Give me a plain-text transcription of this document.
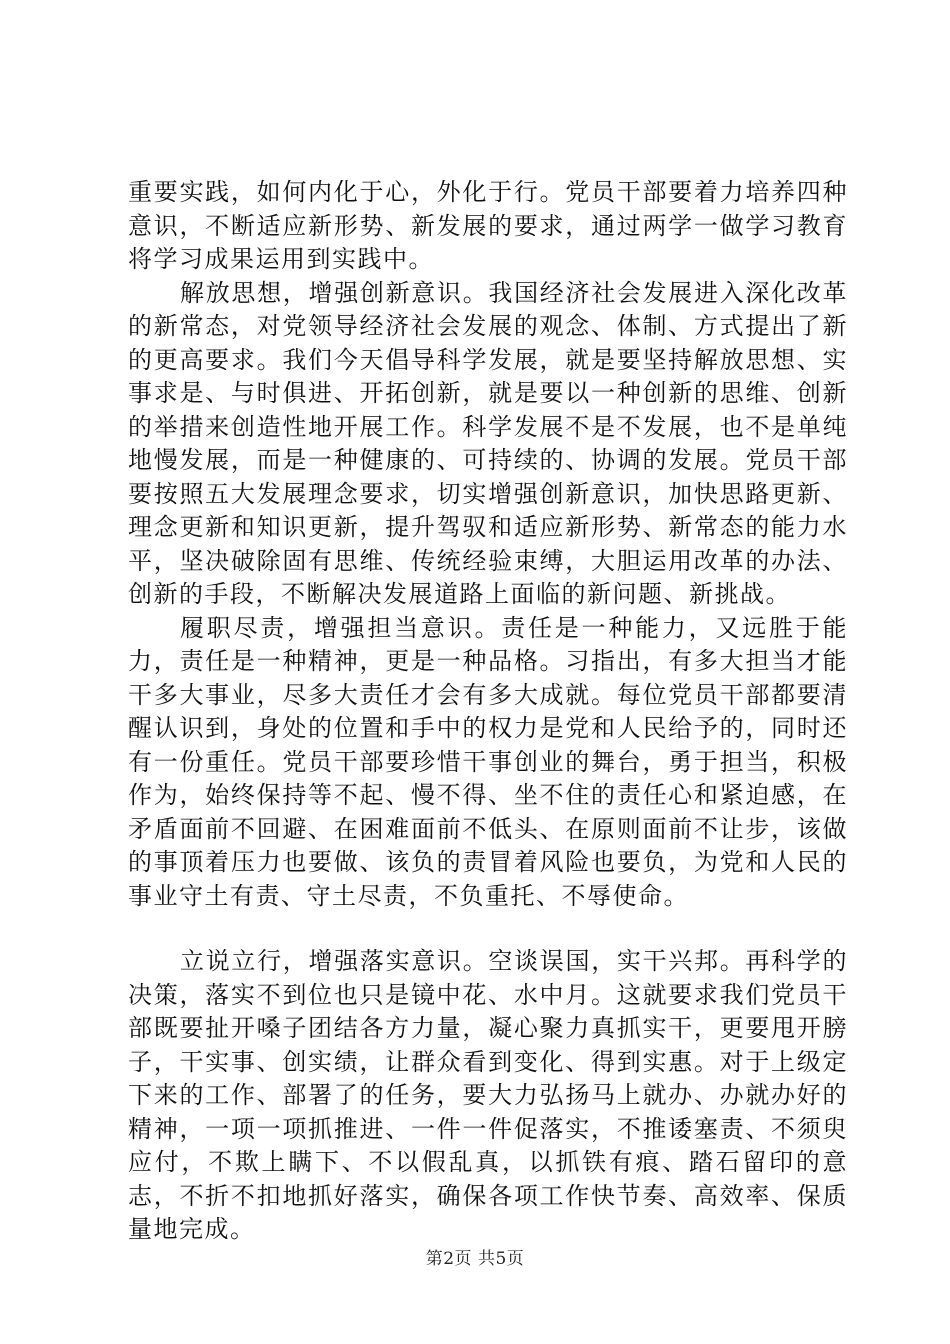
重要实践，如何内化于心，外化于行。党员干部要着力培养四种意识，不断适应新形势、新发展的要求，通过两学一做学习教育将学习成果运用到实践中。

解放思想，增强创新意识。我国经济社会发展进入深化改革的新常态，对党领导经济社会发展的观念、体制、方式提出了新的更高要求。我们今天倡导科学发展，就是要坚持解放思想、实事求是、与时俱进、开拓创新，就是要以一种创新的思维、创新的举措来创造性地开展工作。科学发展不是不发展，也不是单纯地慢发展，而是一种健康的、可持续的、协调的发展。党员干部要按照五大发展理念要求，切实增强创新意识，加快思路更新、理念更新和知识更新，提升驾驭和适应新形势、新常态的能力水平，坚决破除固有思维、传统经验束缚，大胆运用改革的办法、创新的手段，不断解决发展道路上面临的新问题、新挑战。

履职尽责，增强担当意识。责任是一种能力，又远胜于能力，责任是一种精神，更是一种品格。习指出，有多大担当才能干多大事业，尽多大责任才会有多大成就。每位党员干部都要清醒认识到，身处的位置和手中的权力是党和人民给予的，同时还有一份重任。党员干部要珍惜干事创业的舞台，勇于担当，积极作为，始终保持等不起、慢不得、坐不住的责任心和紧迫感，在矛盾面前不回避、在困难面前不低头、在原则面前不让步，该做的事顶着压力也要做、该负的责冒着风险也要负，为党和人民的事业守土有责、守土尽责，不负重托、不辱使命。

立说立行，增强落实意识。空谈误国，实干兴邦。再科学的决策，落实不到位也只是镜中花、水中月。这就要求我们党员干部既要扯开嗓子团结各方力量，凝心聚力真抓实干，更要甩开膀子，干实事、创实绩，让群众看到变化、得到实惠。对于上级定下来的工作、部署了的任务，要大力弘扬马上就办、办就办好的精神，一项一项抓推进、一件一件促落实，不推诿塞责、不须臾应付，不欺上瞒下、不以假乱真，以抓铁有痕、踏石留印的意志，不折不扣地抓好落实，确保各项工作快节奏、高效率、保质量地完成。

第2页 共5页
